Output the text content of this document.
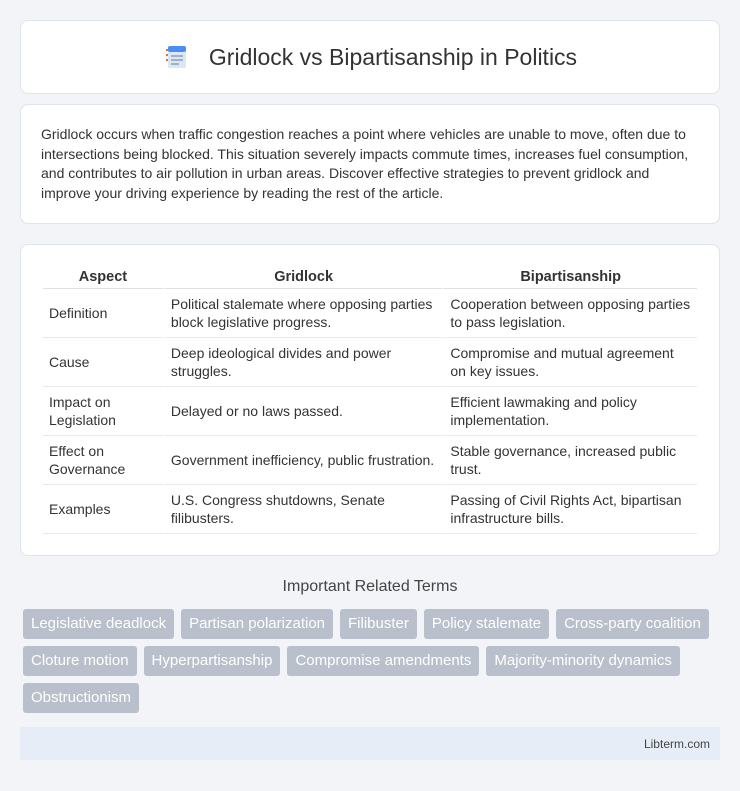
Gridlock vs Bipartisanship in Politics

Gridlock occurs when traffic congestion reaches a point where vehicles are unable to move, often due to intersections being blocked. This situation severely impacts commute times, increases fuel consumption, and contributes to air pollution in urban areas. Discover effective strategies to prevent gridlock and improve your driving experience by reading the rest of the article.

Aspect	Gridlock	Bipartisanship
Definition	Political stalemate where opposing parties block legislative progress.	Cooperation between opposing parties to pass legislation.
Cause	Deep ideological divides and power struggles.	Compromise and mutual agreement on key issues.
Impact on Legislation	Delayed or no laws passed.	Efficient lawmaking and policy implementation.
Effect on Governance	Government inefficiency, public frustration.	Stable governance, increased public trust.
Examples	U.S. Congress shutdowns, Senate filibusters.	Passing of Civil Rights Act, bipartisan infrastructure bills.
Important Related Terms
Legislative deadlock	Partisan polarization	Filibuster	Policy stalemate	Cross-party coalition
Cloture motion	Hyperpartisanship	Compromise amendments	Majority-minority dynamics
Obstructionism
Libterm.com
